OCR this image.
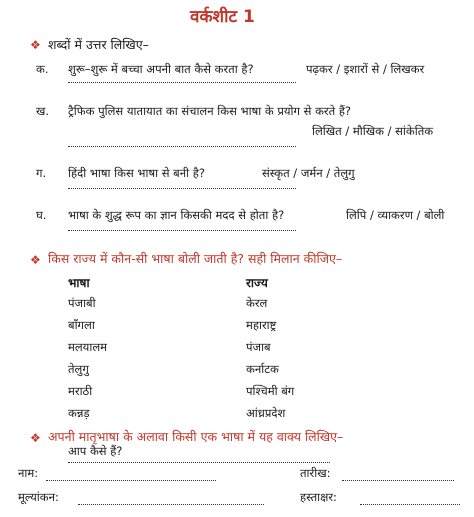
वर्कशीट 1
❖ शब्दों में उत्तर लिखिए–
क. शुरू–शुरू में बच्चा अपनी बात कैसे करता है?	पढ़कर / इशारों से / लिखकर
ख. ट्रैफिक पुलिस यातायात का संचालन किस भाषा के प्रयोग से करते हैं?
लिखित / मौखिक / सांकेतिक
ग. हिंदी भाषा किस भाषा से बनी है?	संस्कृत / जर्मन / तेलुगु
घ. भाषा के शुद्ध रूप का ज्ञान किसकी मदद से होता है?	लिपि / व्याकरण / बोली
❖ किस राज्य में कौन-सी भाषा बोली जाती है? सही मिलान कीजिए–
भाषा	राज्य
पंजाबी	केरल
बाँगला	महाराष्ट्र
मलयालम	पंजाब
तेलुगु	कर्नाटक
मराठी	पश्चिमी बंग
कन्नड़	आंध्रप्रदेश
❖ अपनी मातृभाषा के अलावा किसी एक भाषा में यह वाक्य लिखिए–
आप कैसे हैं?
नाम:	तारीख:
मूल्यांकन:	हस्ताक्षर:
